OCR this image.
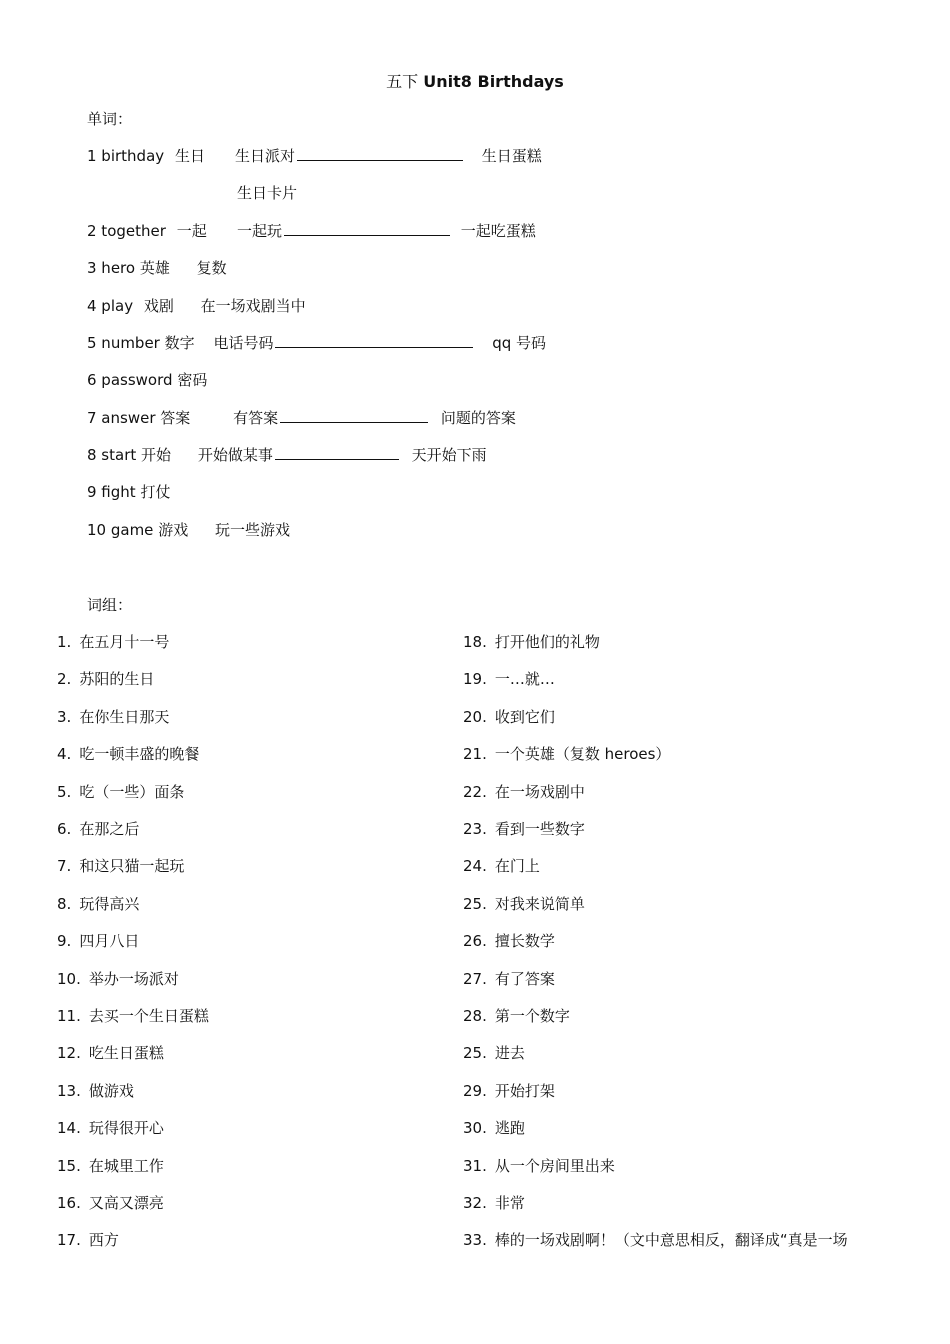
五下 Unit8 Birthdays
单词：
1 birthday 生日 生日派对	生日蛋糕
生日卡片
2 together 一起 一起玩	一起吃蛋糕
3 hero 英雄 复数
4 play 戏剧 在一场戏剧当中
5 number 数字 电话号码	qq 号码
6 password 密码
7 answer 答案	有答案	问题的答案
8 start 开始 开始做某事	天开始下雨
9 fight 打仗
10 game 游戏 玩一些游戏
词组：
1. 在五月十一号
2. 苏阳的生日
3. 在你生日那天
4. 吃一顿丰盛的晚餐
5. 吃（一些）面条
6. 在那之后
7. 和这只猫一起玩
8. 玩得高兴
9. 四月八日
10. 举办一场派对
11. 去买一个生日蛋糕
12. 吃生日蛋糕
13. 做游戏
14. 玩得很开心
15. 在城里工作
16. 又高又漂亮
17. 西方
18. 打开他们的礼物
19. 一…就…
20. 收到它们
21. 一个英雄（复数 heroes）
22. 在一场戏剧中
23. 看到一些数字
24. 在门上
25. 对我来说简单
26. 擅长数学
27. 有了答案
28. 第一个数字
25. 进去
29. 开始打架
30. 逃跑
31. 从一个房间里出来
32. 非常
33. 棒的一场戏剧啊！（文中意思相反，翻译成“真是一场
